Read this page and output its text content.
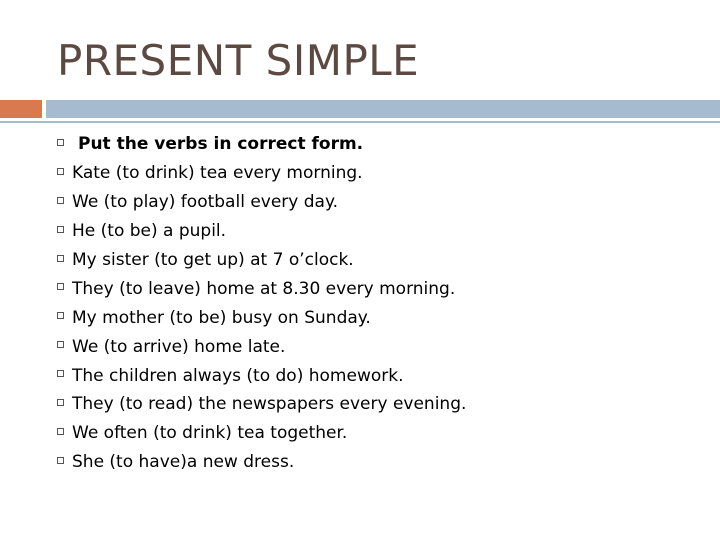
PRESENT SIMPLE
Put the verbs in correct form.
Kate (to drink) tea every morning.
We (to play) football every day.
He (to be) a pupil.
My sister (to get up) at 7 o’clock.
They (to leave) home at 8.30 every morning.
My mother (to be) busy on Sunday.
We (to arrive) home late.
The children always (to do) homework.
They (to read) the newspapers every evening.
We often (to drink) tea together.
She (to have)a new dress.
